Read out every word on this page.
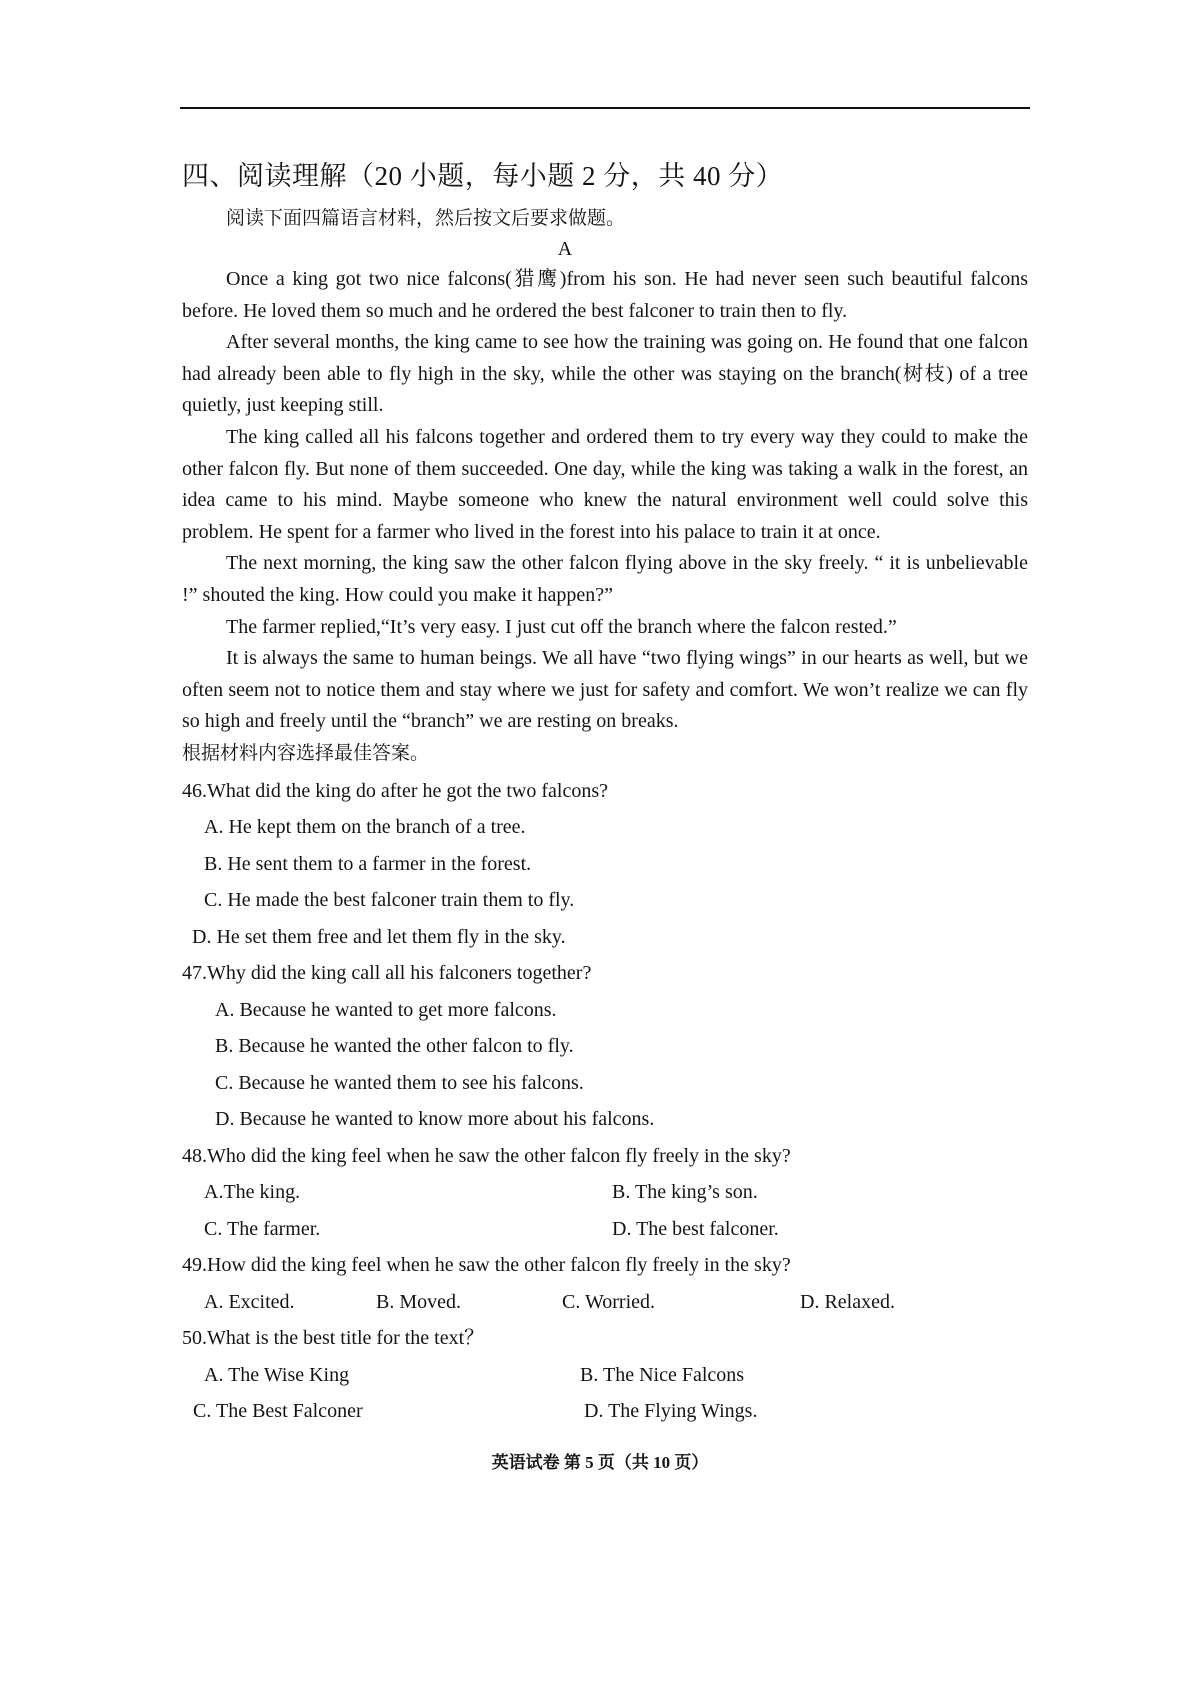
四、阅读理解（20 小题，每小题 2 分，共 40 分）

阅读下面四篇语言材料，然后按文后要求做题。

A

Once a king got two nice falcons(猎鹰)from his son. He had never seen such beautiful falcons before. He loved them so much and he ordered the best falconer to train then to fly.

After several months, the king came to see how the training was going on. He found that one falcon had already been able to fly high in the sky, while the other was staying on the branch(树枝) of a tree quietly, just keeping still.

The king called all his falcons together and ordered them to try every way they could to make the other falcon fly. But none of them succeeded. One day, while the king was taking a walk in the forest, an idea came to his mind. Maybe someone who knew the natural environment well could solve this problem. He spent for a farmer who lived in the forest into his palace to train it at once.

The next morning, the king saw the other falcon flying above in the sky freely. “ it is unbelievable !” shouted the king. How could you make it happen?”

The farmer replied,“It’s very easy. I just cut off the branch where the falcon rested.”

It is always the same to human beings. We all have “two flying wings” in our hearts as well, but we often seem not to notice them and stay where we just for safety and comfort. We won’t realize we can fly so high and freely until the “branch” we are resting on breaks.

根据材料内容选择最佳答案。

46.What did the king do after he got the two falcons?

A. He kept them on the branch of a tree.

B. He sent them to a farmer in the forest.

C. He made the best falconer train them to fly.

D. He set them free and let them fly in the sky.

47.Why did the king call all his falconers together?

A. Because he wanted to get more falcons.

B. Because he wanted the other falcon to fly.

C. Because he wanted them to see his falcons.

D. Because he wanted to know more about his falcons.

48.Who did the king feel when he saw the other falcon fly freely in the sky?

A.The king.	B. The king’s son.
C. The farmer.	D. The best falconer.

49.How did the king feel when he saw the other falcon fly freely in the sky?

A. Excited.	B. Moved.	C. Worried.	D. Relaxed.

50.What is the best title for the text？

A. The Wise King	B. The Nice Falcons
C. The Best Falconer	D. The Flying Wings.
英语试卷 第 5 页（共 10 页）
